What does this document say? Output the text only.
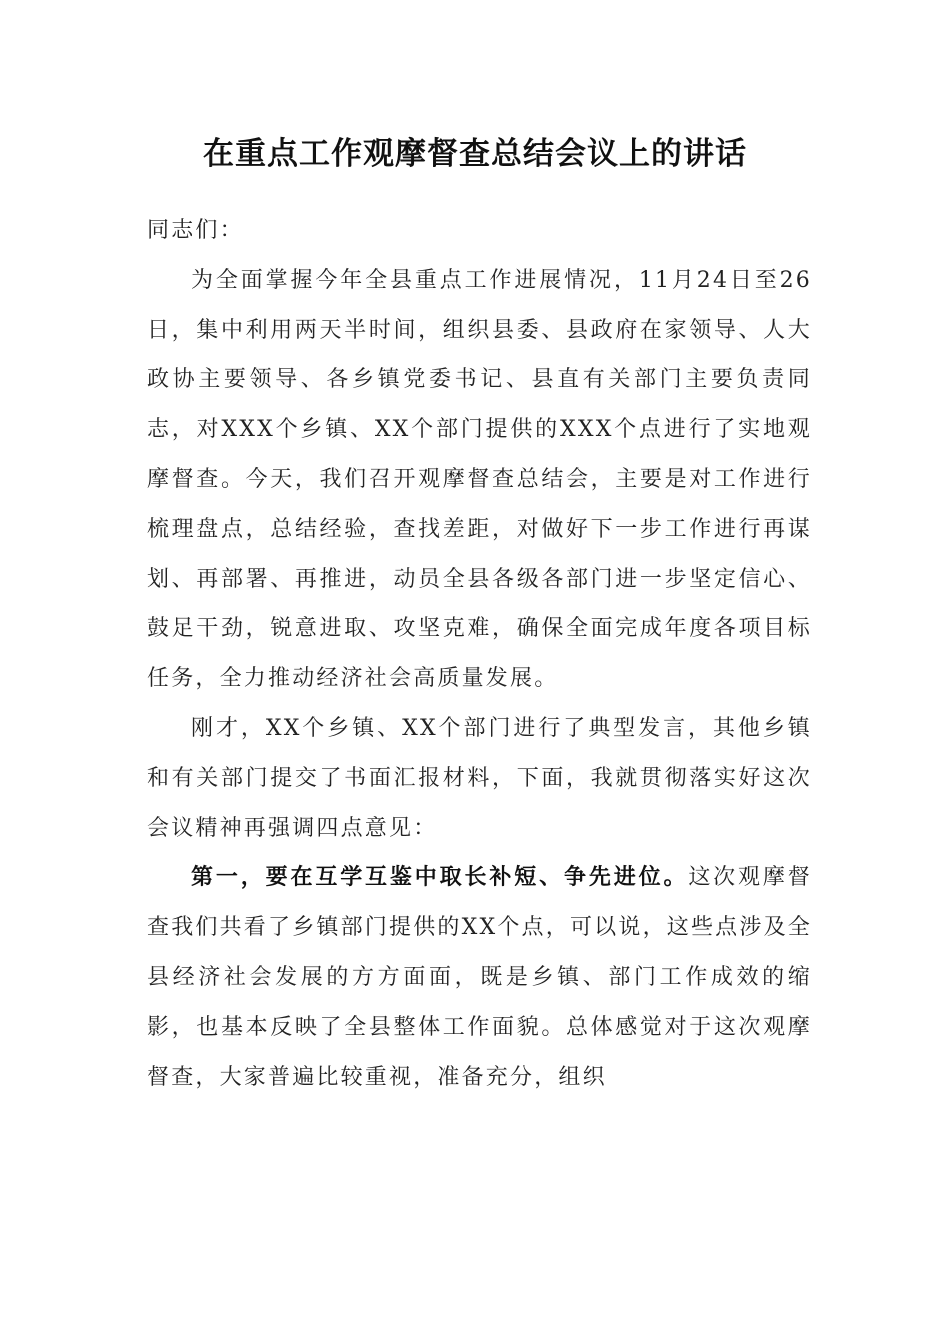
在重点工作观摩督查总结会议上的讲话

同志们：

为全面掌握今年全县重点工作进展情况，11月24日至26日，集中利用两天半时间，组织县委、县政府在家领导、人大政协主要领导、各乡镇党委书记、县直有关部门主要负责同志，对XXX个乡镇、XX个部门提供的XXX个点进行了实地观摩督查。今天，我们召开观摩督查总结会，主要是对工作进行梳理盘点，总结经验，查找差距，对做好下一步工作进行再谋划、再部署、再推进，动员全县各级各部门进一步坚定信心、鼓足干劲，锐意进取、攻坚克难，确保全面完成年度各项目标任务，全力推动经济社会高质量发展。

刚才，XX个乡镇、XX个部门进行了典型发言，其他乡镇和有关部门提交了书面汇报材料，下面，我就贯彻落实好这次会议精神再强调四点意见：

第一，要在互学互鉴中取长补短、争先进位。这次观摩督查我们共看了乡镇部门提供的XX个点，可以说，这些点涉及全县经济社会发展的方方面面，既是乡镇、部门工作成效的缩影，也基本反映了全县整体工作面貌。总体感觉对于这次观摩督查，大家普遍比较重视，准备充分，组织
